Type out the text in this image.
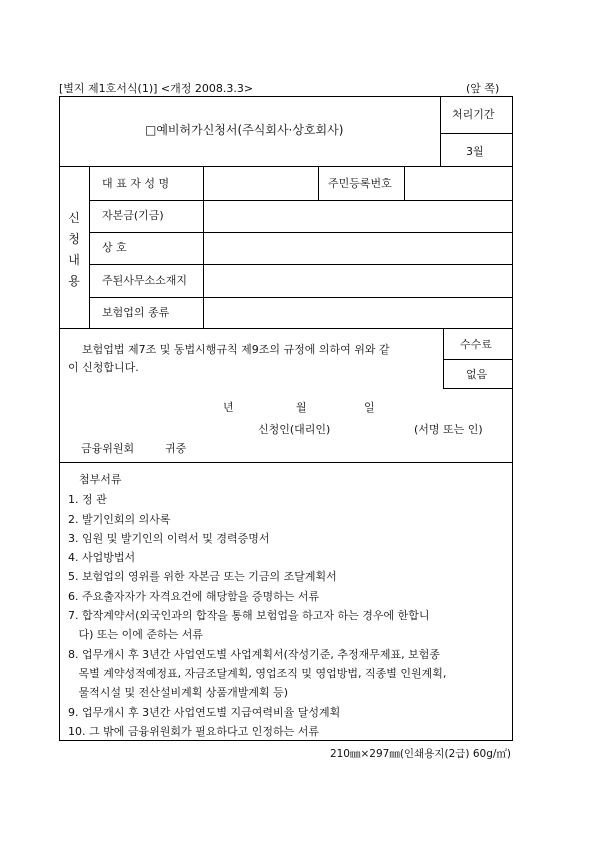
[별지 제1호서식(1)] <개정 2008.3.3>	(앞 쪽)
□예비허가신청서(주식회사·상호회사)
처리기간
3월
신
청
내
용
대 표 자 성 명	주민등록번호
자본금(기금)
상 호
주된사무소소재지
보험업의 종류
보험업법 제7조 및 동법시행규칙 제9조의 규정에 의하여 위와 같
이 신청합니다.
수수료
없음
년	월	일
신청인(대리인)	(서명 또는 인)
금융위원회	귀중
첨부서류
1. 정 관
2. 발기인회의 의사록
3. 임원 및 발기인의 이력서 및 경력증명서
4. 사업방법서
5. 보험업의 영위를 위한 자본금 또는 기금의 조달계획서
6. 주요출자자가 자격요건에 해당함을 증명하는 서류
7. 합작계약서(외국인과의 합작을 통해 보험업을 하고자 하는 경우에 한합니
다) 또는 이에 준하는 서류
8. 업무개시 후 3년간 사업연도별 사업계획서(작성기준, 추정재무제표, 보험종
목별 계약성적예정표, 자금조달계획, 영업조직 및 영업방법, 직종별 인원계획,
물적시설 및 전산설비계획 상품개발계획 등)
9. 업무개시 후 3년간 사업연도별 지급여력비율 달성계획
10. 그 밖에 금융위원회가 필요하다고 인정하는 서류
210㎜×297㎜(인쇄용지(2급) 60g/㎡)
